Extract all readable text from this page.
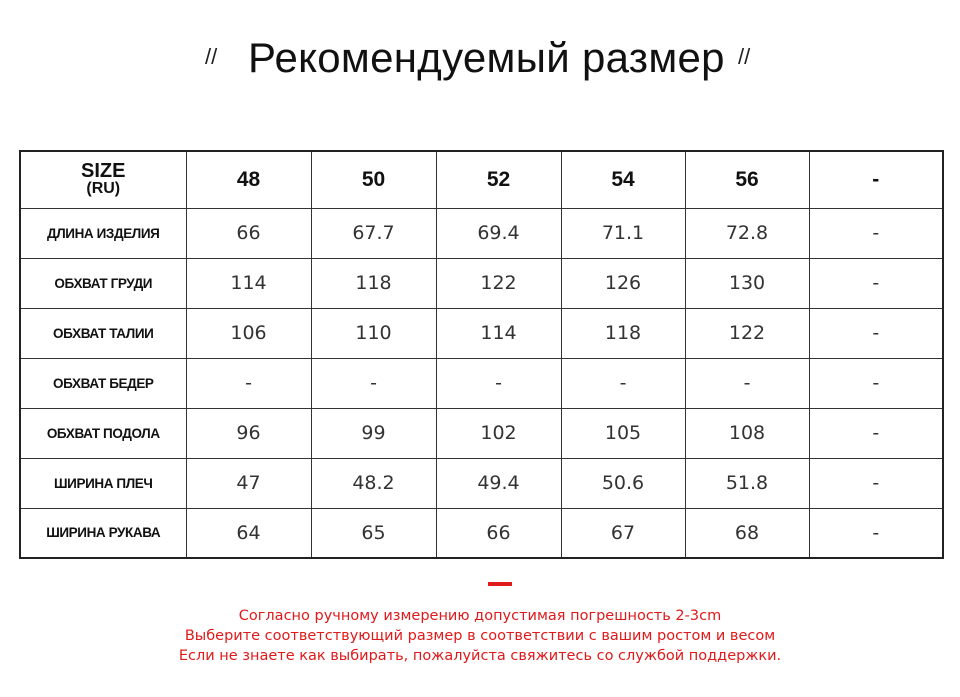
// Рекомендуемый размер //
SIZE
(RU)	48	50	52	54	56	-
ДЛИНА ИЗДЕЛИЯ	66	67.7	69.4	71.1	72.8	-
ОБХВАТ ГРУДИ	114	118	122	126	130	-
ОБХВАТ ТАЛИИ	106	110	114	118	122	-
ОБХВАТ БЕДЕР	-	-	-	-	-	-
ОБХВАТ ПОДОЛА	96	99	102	105	108	-
ШИРИНА ПЛЕЧ	47	48.2	49.4	50.6	51.8	-
ШИРИНА РУКАВА	64	65	66	67	68	-
Согласно ручному измерению допустимая погрешность 2-3cm
Выберите соответствующий размер в соответствии с вашим ростом и весом
Если не знаете как выбирать, пожалуйста свяжитесь со службой поддержки.
